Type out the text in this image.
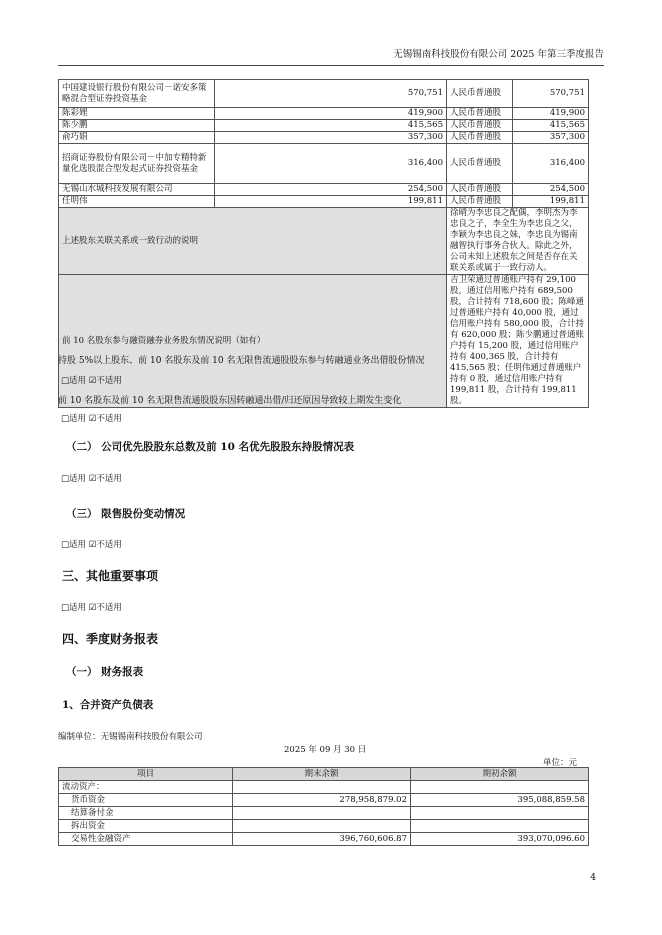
无锡锡南科技股份有限公司 2025 年第三季度报告
中国建设银行股份有限公司－诺安多策略混合型证券投资基金	570,751	人民币普通股	570,751
陈彩娌	419,900	人民币普通股	419,900
陈少鹏	415,565	人民币普通股	415,565
俞巧娟	357,300	人民币普通股	357,300
招商证券股份有限公司－中加专精特新量化选股混合型发起式证券投资基金	316,400	人民币普通股	316,400
无锡山水城科技发展有限公司	254,500	人民币普通股	254,500
任明伟	199,811	人民币普通股	199,811
上述股东关联关系或一致行动的说明		徐晴为李忠良之配偶，李明杰为李忠良之子，李全生为李忠良之父，李颖为李忠良之妹，李忠良为锡南融智执行事务合伙人。除此之外，公司未知上述股东之间是否存在关联关系或属于一致行动人。	
前 10 名股东参与融资融券业务股东情况说明（如有）		吉卫荣通过普通账户持有 29,100 股，通过信用账户持有 689,500 股，合计持有 718,600 股；陈峰通过普通账户持有 40,000 股，通过信用账户持有 580,000 股，合计持有 620,000 股；陈少鹏通过普通账户持有 15,200 股，通过信用账户持有 400,365 股，合计持有 415,565 股；任明伟通过普通账户持有 0 股，通过信用账户持有 199,811 股，合计持有 199,811 股。	
持股 5%以上股东、前 10 名股东及前 10 名无限售流通股股东参与转融通业务出借股份情况
□适用 ☑不适用
前 10 名股东及前 10 名无限售流通股股东因转融通出借/归还原因导致较上期发生变化
□适用 ☑不适用
（二） 公司优先股股东总数及前 10 名优先股股东持股情况表
□适用 ☑不适用
（三） 限售股份变动情况
□适用 ☑不适用
三、其他重要事项
□适用 ☑不适用
四、季度财务报表
（一） 财务报表
1、合并资产负债表
编制单位：无锡锡南科技股份有限公司
2025 年 09 月 30 日
单位：元
项目	期末余额	期初余额
流动资产：		
货币资金	278,958,879.02	395,088,859.58
结算备付金		
拆出资金		
交易性金融资产	396,760,606.87	393,070,096.60
4
